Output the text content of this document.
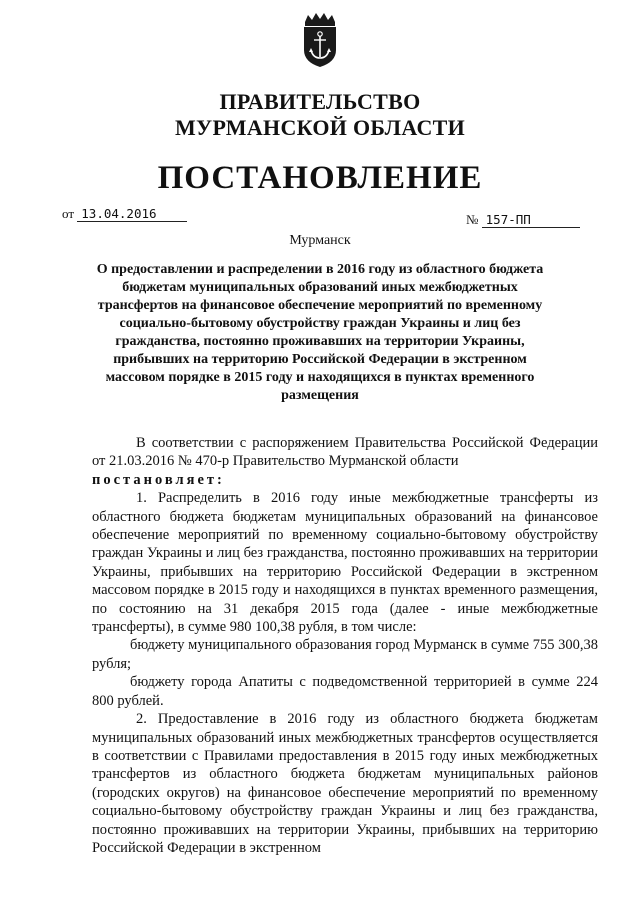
ПРАВИТЕЛЬСТВО
МУРМАНСКОЙ ОБЛАСТИ
ПОСТАНОВЛЕНИЕ
от 13.04.2016	№ 157-ПП
Мурманск
О предоставлении и распределении в 2016 году из областного бюджета бюджетам муниципальных образований иных межбюджетных трансфертов на финансовое обеспечение мероприятий по временному социально-бытовому обустройству граждан Украины и лиц без гражданства, постоянно проживавших на территории Украины, прибывших на территорию Российской Федерации в экстренном массовом порядке в 2015 году и находящихся в пунктах временного размещения

В соответствии с распоряжением Правительства Российской Федерации от 21.03.2016 № 470-р Правительство Мурманской области
постановляет:

1. Распределить в 2016 году иные межбюджетные трансферты из областного бюджета бюджетам муниципальных образований на финансовое обеспечение мероприятий по временному социально-бытовому обустройству граждан Украины и лиц без гражданства, постоянно проживавших на территории Украины, прибывших на территорию Российской Федерации в экстренном массовом порядке в 2015 году и находящихся в пунктах временного размещения, по состоянию на 31 декабря 2015 года (далее - иные межбюджетные трансферты), в сумме 980 100,38 рубля, в том числе:

бюджету муниципального образования город Мурманск в сумме 755 300,38 рубля;

бюджету города Апатиты с подведомственной территорией в сумме 224 800 рублей.

2. Предоставление в 2016 году из областного бюджета бюджетам муниципальных образований иных межбюджетных трансфертов осуществляется в соответствии с Правилами предоставления в 2015 году иных межбюджетных трансфертов из областного бюджета бюджетам муниципальных районов (городских округов) на финансовое обеспечение мероприятий по временному социально-бытовому обустройству граждан Украины и лиц без гражданства, постоянно проживавших на территории Украины, прибывших на территорию Российской Федерации в экстренном
